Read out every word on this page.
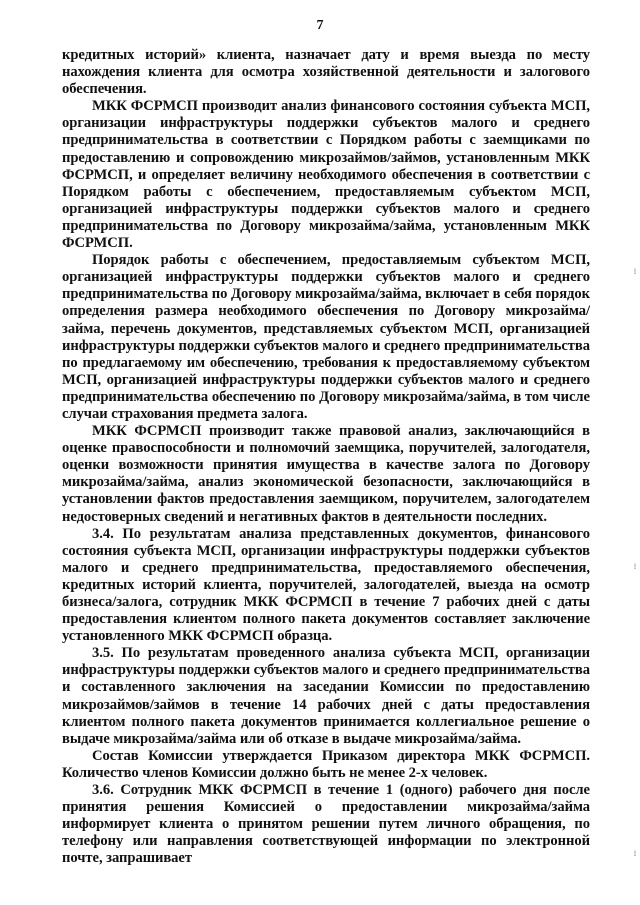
7

кредитных историй» клиента, назначает дату и время выезда по месту нахождения клиента для осмотра хозяйственной деятельности и залогового обеспечения.

МКК ФСРМСП производит анализ финансового состояния субъекта МСП, организации инфраструктуры поддержки субъектов малого и среднего предпринимательства в соответствии с Порядком работы с заемщиками по предоставлению и сопровождению микрозаймов/займов, установленным МКК ФСРМСП, и определяет величину необходимого обеспечения в соответствии с Порядком работы с обеспечением, предоставляемым субъектом МСП, организацией инфраструктуры поддержки субъектов малого и среднего предпринимательства по Договору микрозайма/займа, установленным МКК ФСРМСП.

Порядок работы с обеспечением, предоставляемым субъектом МСП, организацией инфраструктуры поддержки субъектов малого и среднего предпринимательства по Договору микрозайма/займа, включает в себя порядок определения размера необходимого обеспечения по Договору микрозайма/займа, перечень документов, представляемых субъектом МСП, организацией инфраструктуры поддержки субъектов малого и среднего предпринимательства по предлагаемому им обеспечению, требования к предоставляемому субъектом МСП, организацией инфраструктуры поддержки субъектов малого и среднего предпринимательства обеспечению по Договору микрозайма/займа, в том числе случаи страхования предмета залога.

МКК ФСРМСП производит также правовой анализ, заключающийся в оценке правоспособности и полномочий заемщика, поручителей, залогодателя, оценки возможности принятия имущества в качестве залога по Договору микрозайма/займа, анализ экономической безопасности, заключающийся в установлении фактов предоставления заемщиком, поручителем, залогодателем недостоверных сведений и негативных фактов в деятельности последних.

3.4. По результатам анализа представленных документов, финансового состояния субъекта МСП, организации инфраструктуры поддержки субъектов малого и среднего предпринимательства, предоставляемого обеспечения, кредитных историй клиента, поручителей, залогодателей, выезда на осмотр бизнеса/залога, сотрудник МКК ФСРМСП в течение 7 рабочих дней с даты предоставления клиентом полного пакета документов составляет заключение установленного МКК ФСРМСП образца.

3.5. По результатам проведенного анализа субъекта МСП, организации инфраструктуры поддержки субъектов малого и среднего предпринимательства и составленного заключения на заседании Комиссии по предоставлению микрозаймов/займов в течение 14 рабочих дней с даты предоставления клиентом полного пакета документов принимается коллегиальное решение о выдаче микрозайма/займа или об отказе в выдаче микрозайма/займа.

Состав Комиссии утверждается Приказом директора МКК ФСРМСП. Количество членов Комиссии должно быть не менее 2-х человек.

3.6. Сотрудник МКК ФСРМСП в течение 1 (одного) рабочего дня после принятия решения Комиссией о предоставлении микрозайма/займа информирует клиента о принятом решении путем личного обращения, по телефону или направления соответствующей информации по электронной почте, запрашивает

⁞
⁞
⁞
